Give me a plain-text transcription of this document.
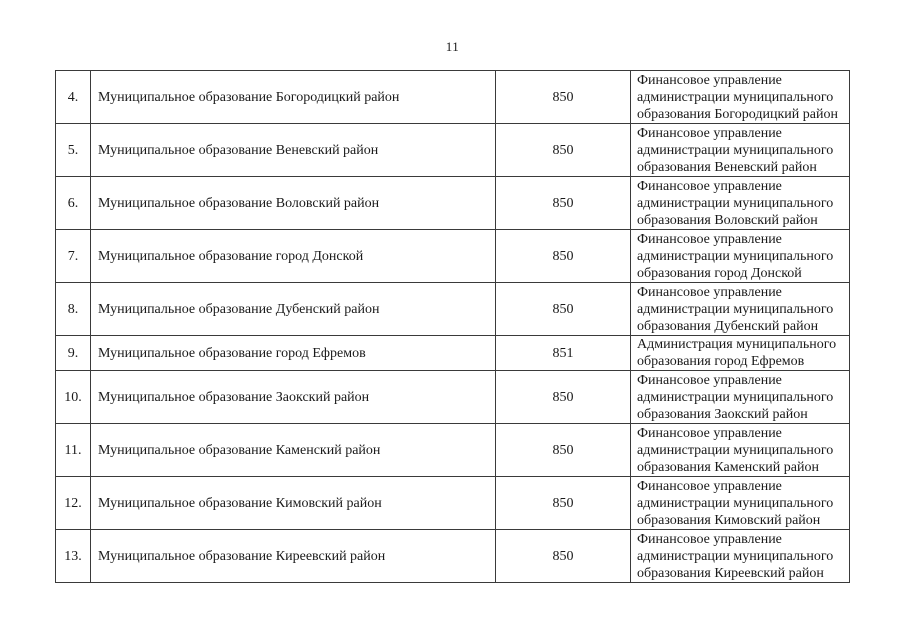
11
4.	Муниципальное образование Богородицкий район	850	Финансовое управление
администрации муниципального
образования Богородицкий район

5.	Муниципальное образование Веневский район	850	Финансовое управление
администрации муниципального
образования Веневский район

6.	Муниципальное образование Воловский район	850	Финансовое управление
администрации муниципального
образования Воловский район

7.	Муниципальное образование город Донской	850	Финансовое управление
администрации муниципального
образования город Донской

8.	Муниципальное образование Дубенский район	850	Финансовое управление
администрации муниципального
образования Дубенский район

9.	Муниципальное образование город Ефремов	851	Администрация муниципального
образования город Ефремов

10.	Муниципальное образование Заокский район	850	Финансовое управление
администрации муниципального
образования Заокский район

11.	Муниципальное образование Каменский район	850	Финансовое управление
администрации муниципального
образования Каменский район

12.	Муниципальное образование Кимовский район	850	Финансовое управление
администрации муниципального
образования Кимовский район

13.	Муниципальное образование Киреевский район	850	Финансовое управление
администрации муниципального
образования Киреевский район
